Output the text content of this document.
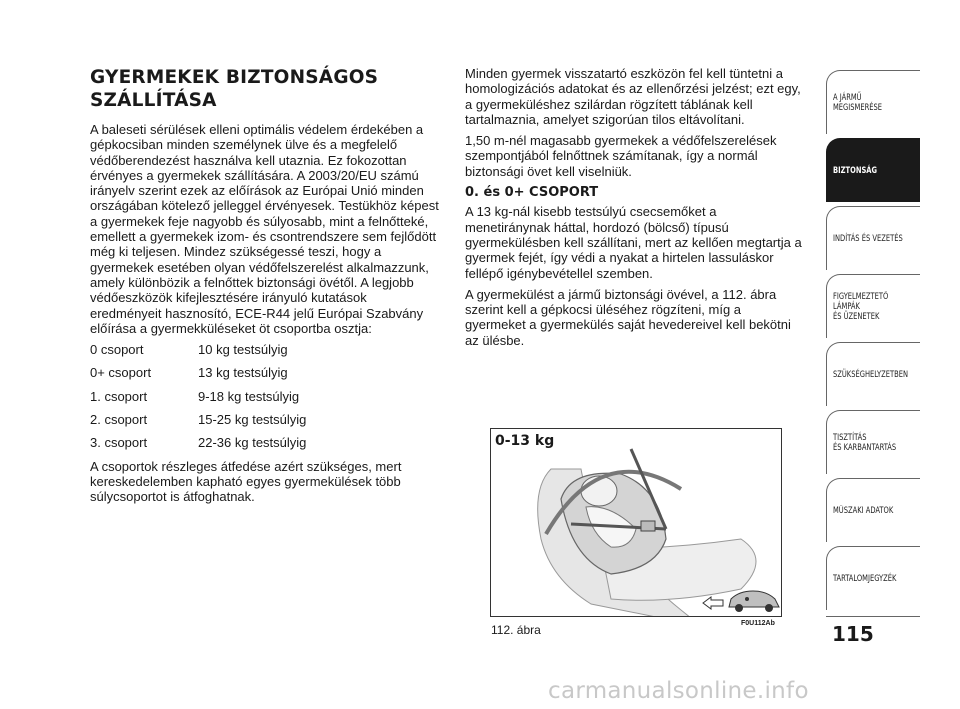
GYERMEKEK BIZTONSÁGOS SZÁLLÍTÁSA

A baleseti sérülések elleni optimális védelem érdekében a gépkocsiban minden személynek ülve és a megfelelő védőberendezést használva kell utaznia. Ez fokozottan érvényes a gyermekek szállítására. A 2003/20/EU számú irányelv szerint ezek az előírások az Európai Unió minden országában kötelező jelleggel érvényesek. Testükhöz képest a gyermekek feje nagyobb és súlyosabb, mint a felnőtteké, emellett a gyermekek izom- és csontrendszere sem fejlődött még ki teljesen. Mindez szükségessé teszi, hogy a gyermekek esetében olyan védőfelszerelést alkalmazzunk, amely különbözik a felnőttek biztonsági övétől. A legjobb védőeszközök kifejlesztésére irányuló kutatások eredményeit hasznosító, ECE-R44 jelű Európai Szabvány előírása a gyermekküléseket öt csoportba osztja:

0 csoport	10 kg testsúlyig
0+ csoport	13 kg testsúlyig
1. csoport	9-18 kg testsúlyig
2. csoport	15-25 kg testsúlyig
3. csoport	22-36 kg testsúlyig

A csoportok részleges átfedése azért szükséges, mert kereskedelemben kapható egyes gyermekülések több súlycsoportot is átfoghatnak.

Minden gyermek visszatartó eszközön fel kell tüntetni a homologizációs adatokat és az ellenőrzési jelzést; ezt egy, a gyermeküléshez szilárdan rögzített táblának kell tartalmaznia, amelyet szigorúan tilos eltávolítani.

1,50 m-nél magasabb gyermekek a védőfelszerelések szempontjából felnőttnek számítanak, így a normál biztonsági övet kell viselniük.

0. és 0+ CSOPORT

A 13 kg-nál kisebb testsúlyú csecsemőket a menetiránynak háttal, hordozó (bölcső) típusú gyermekülésben kell szállítani, mert az kellően megtartja a gyermek fejét, így védi a nyakat a hirtelen lassuláskor fellépő igénybevétellel szemben.

A gyermekülést a jármű biztonsági övével, a 112. ábra szerint kell a gépkocsi üléséhez rögzíteni, míg a gyermeket a gyermekülés saját hevedereivel kell bekötni az ülésbe.

0-13 kg
F0U112Ab
112. ábra
A JÁRMŰ
MEGISMERÉSE
BIZTONSÁG
INDÍTÁS ÉS VEZETÉS
FIGYELMEZTETŐ
LÁMPÁK
ÉS ÜZENETEK
SZÜKSÉGHELYZETBEN
TISZTÍTÁS
ÉS KARBANTARTÁS
MŰSZAKI ADATOK
TARTALOMJEGYZÉK
115
carmanualsonline.info
